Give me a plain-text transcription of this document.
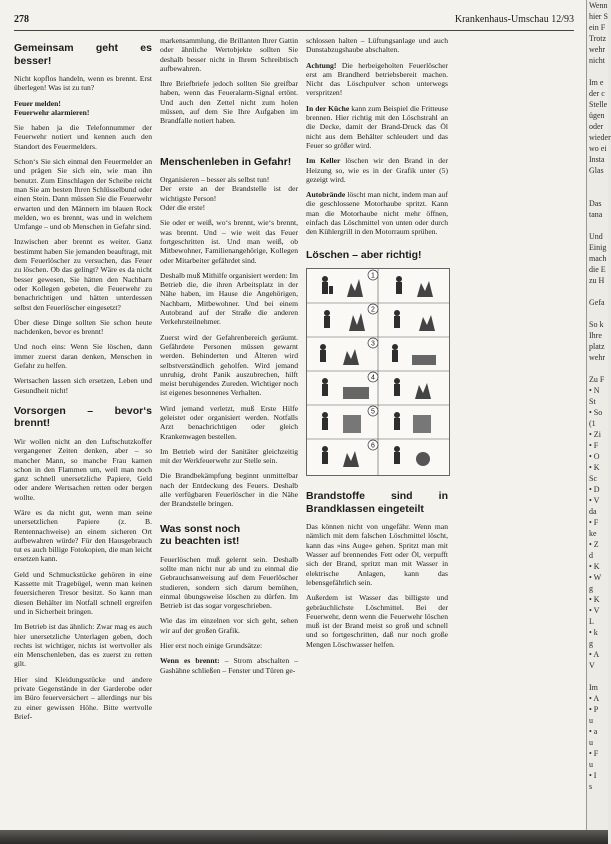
278	Krankenhaus-Umschau 12/93
Gemeinsam geht es besser!

Nicht kopflos handeln, wenn es brennt. Erst überlegen! Was ist zu tun?

Feuer melden!

Feuerwehr alarmieren!

Sie haben ja die Telefonnummer der Feuerwehr notiert und kennen auch den Standort des Feuermelders.

Schon‘s Sie sich einmal den Feuermelder an und prägen Sie sich ein, wie man ihn benutzt. Zum Einschlagen der Scheibe reicht man Sie am besten Ihren Schlüsselbund oder einen Stein. Dann müssen Sie die Feuerwehr erwarten und den Männern im blauen Rock melden, wo es brennt, was und in welchem Umfange – und ob Menschen in Gefahr sind.

Inzwischen aber brennt es weiter. Ganz bestimmt haben Sie jemanden beauftragt, mit dem Feuerlöscher zu versuchen, das Feuer zu löschen. Ob das gelingt? Wäre es da nicht besser gewesen, Sie hätten den Nachbarn oder Kollegen gebeten, die Feuerwehr zu benachrichtigen und hätten unterdessen selbst den Feuerlöscher eingesetzt?

Über diese Dinge sollten Sie schon heute nachdenken, bevor es brennt!

Und noch eins: Wenn Sie löschen, dann immer zuerst daran denken, Menschen in Gefahr zu helfen.

Wertsachen lassen sich ersetzen, Leben und Gesundheit nicht!

Vorsorgen – bevor‘s brennt!

Wir wollen nicht an den Luftschutzkoffer vergangener Zeiten denken, aber – so mancher Mann, so manche Frau kamen schon in den Flammen um, weil man noch ganz schnell unersetzliche Papiere, Geld oder andere Wertsachen retten oder bergen wollte.

Wäre es da nicht gut, wenn man seine unersetzlichen Papiere (z. B. Rentennachweise) an einem sicheren Ort aufbewahren würde? Für den Hausgebrauch tut es auch billige Fotokopien, die man leicht ersetzen kann.

Geld und Schmuckstücke gehören in eine Kassette mit Tragebügel, wenn man keinen feuersicheren Tresor besitzt. So kann man diesen Behälter im Notfall schnell ergreifen und in Sicherheit bringen.

Im Betrieb ist das ähnlich: Zwar mag es auch hier unersetzliche Unterlagen geben, doch rechts ist wichtiger, nichts ist wertvoller als ein Menschenleben, das es zuerst zu retten gilt.

Hier sind Kleidungsstücke und andere private Gegenstände in der Garderobe oder im Büro feuerversichert – allerdings nur bis zu einer gewissen Höhe. Bitte wertvolle Brief-

markensammlung, die Brillanten Ihrer Gattin oder ähnliche Wertobjekte sollten Sie deshalb besser nicht in Ihrem Schreibtisch aufbewahren.

Ihre Briefbriefe jedoch sollten Sie greifbar haben, wenn das Feueralarm-Signal ertönt. Und auch den Zettel nicht zum holen müssen, auf dem Sie Ihre Aufgaben im Brandfalle notiert haben.

Menschenleben in Gefahr!

Organisieren – besser als selbst tun!

Der erste an der Brandstelle ist der wichtigste Person!

Oder die erste!

Sie oder er weiß, wo‘s brennt, wie‘s brennt, was brennt. Und – wie weit das Feuer fortgeschritten ist. Und man weiß, ob Mitbewohner, Familienangehörige, Kollegen oder Mitarbeiter gefährdet sind.

Deshalb muß Mithilfe organisiert werden: Im Betrieb die, die ihren Arbeitsplatz in der Nähe haben, im Hause die Angehörigen, Nachbarn, Mitbewohner. Und bei einem Autobrand auf der Straße die anderen Verkehrsteilnehmer.

Zuerst wird der Gefahrenbereich geräumt. Gefährdete Personen müssen gewarnt werden. Behinderten und Älteren wird selbstverständlich geholfen. Wird jemand unruhig, droht Panik auszubrechen, hilft meist beruhigendes Zureden. Wichtiger noch ist eigenes besonnenes Verhalten.

Wird jemand verletzt, muß Erste Hilfe geleistet oder organisiert werden. Notfalls Arzt benachrichtigen oder gleich Krankenwagen bestellen.

Im Betrieb wird der Sanitäter gleichzeitig mit der Werkfeuerwehr zur Stelle sein.

Die Brandbekämpfung beginnt unmittelbar nach der Entdeckung des Feuers. Deshalb alle verfügbaren Feuerlöscher in die Nähe der Brandstelle bringen.

Was sonst noch
zu beachten ist!

Feuerlöschen muß gelernt sein. Deshalb sollte man nicht nur ab und zu einmal die Gebrauchsanweisung auf dem Feuerlöscher studieren, sondern sich darum bemühen, einmal übungsweise löschen zu dürfen. Im Betrieb ist das sogar vorgeschrieben.

Wie das im einzelnen vor sich geht, sehen wir auf der großen Grafik.

Hier erst noch einige Grundsätze:

Wenn es brennt: – Strom abschalten – Gashähne schließen – Fenster und Türen ge-

schlossen halten – Lüftungsanlage und auch Dunstabzugshaube abschalten.

Achtung! Die herbeigeholten Feuerlöscher erst am Brandherd betriebsbereit machen. Nicht das Löschpulver schon unterwegs verspritzen!

In der Küche kann zum Beispiel die Fritteuse brennen. Hier richtig mit den Löschstrahl an die Decke, damit der Brand-Druck das Öl nicht aus dem Behälter schleudert und das Feuer so größer wird.

Im Keller löschen wir den Brand in der Heizung so, wie es in der Grafik unter (5) gezeigt wird.

Autobrände löscht man nicht, indem man auf die geschlossene Motorhaube spritzt. Kann man die Motorhaube nicht mehr öffnen, einfach das Löschmittel von unten oder durch den Kühlergrill in den Motorraum sprühen.

Löschen – aber richtig!
1
2
3
4
5
6
Brandstoffe sind in Brandklassen eingeteilt

Das können nicht von ungefähr. Wenn man nämlich mit dem falschen Löschmittel löscht, kann das »ins Auge« gehen. Spritzt man mit Wasser auf brennendes Fett oder Öl, verpufft sich der Brand, spritzt man mit Wasser in elektrische Anlagen, kann das lebensgefährlich sein.

Außerdem ist Wasser das billigste und gebräuchlichste Löschmittel. Bei der Feuerwehr, denn wenn die Feuerwehr löschen muß ist der Brand meist so groß und schnell und so fortgeschritten, daß nur noch große Mengen Löschwasser helfen.

Wenn
hier S
ein F
Trotz
wehr
nicht

Im e
der c
Stelle
ügen
oder
wieder
wo ei
Insta
Glas

Das
tana

Und
Einig
mach
die E
zu H

Gefa

So k
Ihre
platz
wehr

Zu F
• N
St
• So
(1
• Zi
• F
• O
• K
Sc
• D
• V
da
• F
ke
• Z
d
• K
• W
g
• K
• V
L
• k
g
• A
V

Im
• A
• P
u
• a
u
• F
u
• I
s
